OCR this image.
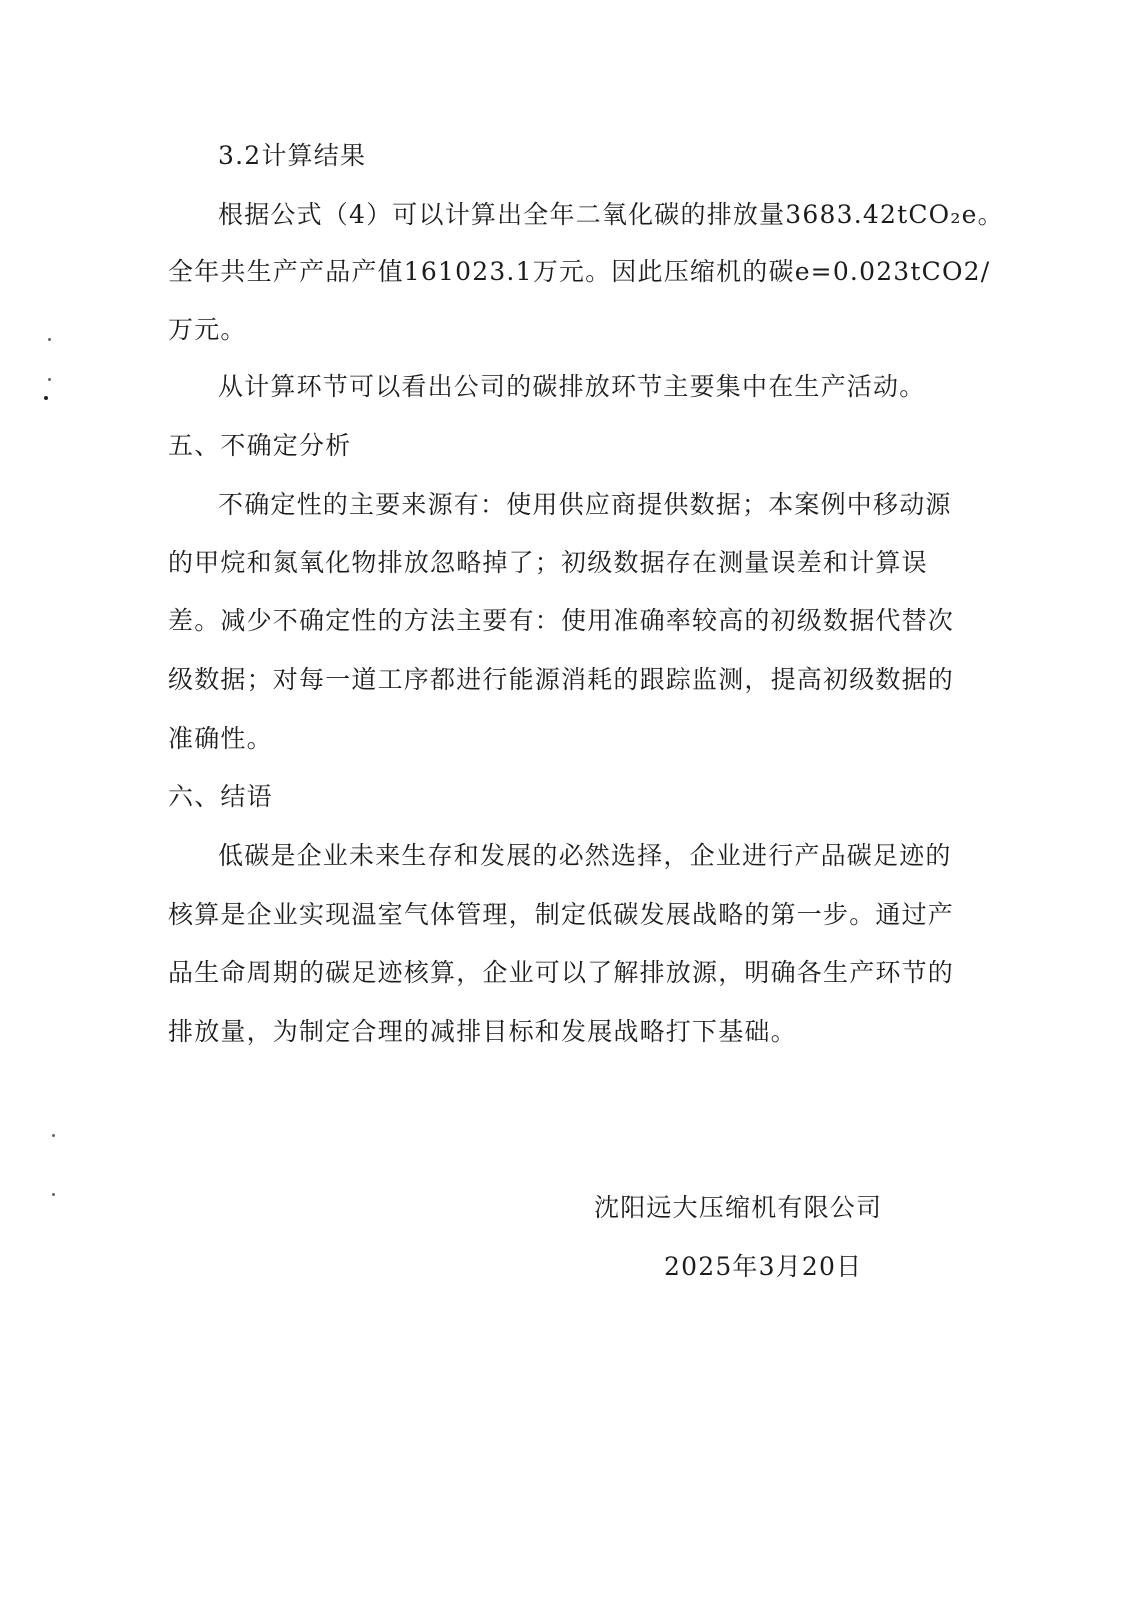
3.2计算结果
根据公式（4）可以计算出全年二氧化碳的排放量3683.42tCO₂e。
全年共生产产品产值161023.1万元。因此压缩机的碳e=0.023tCO2/
万元。
从计算环节可以看出公司的碳排放环节主要集中在生产活动。
五、不确定分析
不确定性的主要来源有：使用供应商提供数据；本案例中移动源
的甲烷和氮氧化物排放忽略掉了；初级数据存在测量误差和计算误
差。减少不确定性的方法主要有：使用准确率较高的初级数据代替次
级数据；对每一道工序都进行能源消耗的跟踪监测，提高初级数据的
准确性。
六、结语
低碳是企业未来生存和发展的必然选择，企业进行产品碳足迹的
核算是企业实现温室气体管理，制定低碳发展战略的第一步。通过产
品生命周期的碳足迹核算，企业可以了解排放源，明确各生产环节的
排放量，为制定合理的减排目标和发展战略打下基础。
沈阳远大压缩机有限公司
2025年3月20日
